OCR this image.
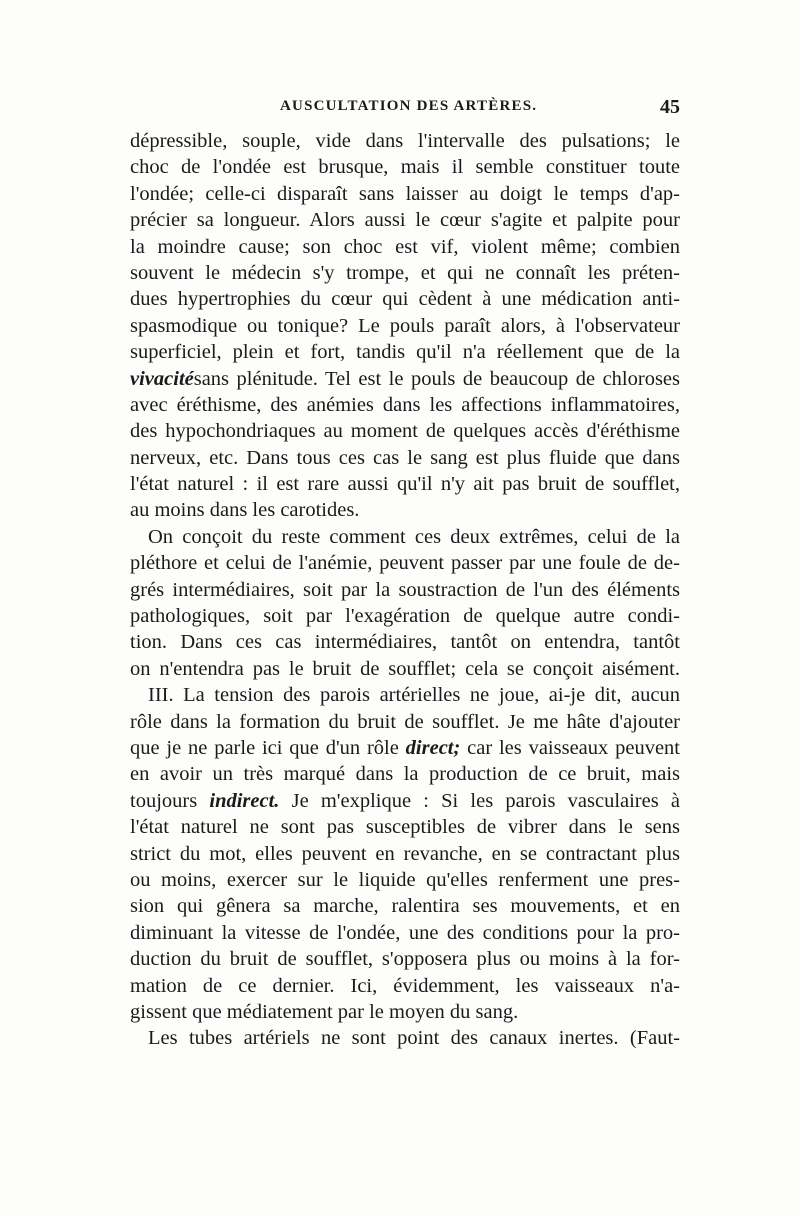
AUSCULTATION DES ARTÈRES.	45
dépressible, souple, vide dans l'intervalle des pulsations; le
choc de l'ondée est brusque, mais il semble constituer toute
l'ondée; celle-ci disparaît sans laisser au doigt le temps d'ap-
précier sa longueur. Alors aussi le cœur s'agite et palpite pour
la moindre cause; son choc est vif, violent même; combien
souvent le médecin s'y trompe, et qui ne connaît les préten-
dues hypertrophies du cœur qui cèdent à une médication anti-
spasmodique ou tonique? Le pouls paraît alors, à l'observateur
superficiel, plein et fort, tandis qu'il n'a réellement que de la
vivacitésans plénitude. Tel est le pouls de beaucoup de chloroses
avec éréthisme, des anémies dans les affections inflammatoires,
des hypochondriaques au moment de quelques accès d'éréthisme
nerveux, etc. Dans tous ces cas le sang est plus fluide que dans
l'état naturel : il est rare aussi qu'il n'y ait pas bruit de soufflet,
au moins dans les carotides.
On conçoit du reste comment ces deux extrêmes, celui de la
pléthore et celui de l'anémie, peuvent passer par une foule de de-
grés intermédiaires, soit par la soustraction de l'un des éléments
pathologiques, soit par l'exagération de quelque autre condi-
tion. Dans ces cas intermédiaires, tantôt on entendra, tantôt
on n'entendra pas le bruit de soufflet; cela se conçoit aisément.
III. La tension des parois artérielles ne joue, ai-je dit, aucun
rôle dans la formation du bruit de soufflet. Je me hâte d'ajouter
que je ne parle ici que d'un rôle direct; car les vaisseaux peuvent
en avoir un très marqué dans la production de ce bruit, mais
toujours indirect. Je m'explique : Si les parois vasculaires à
l'état naturel ne sont pas susceptibles de vibrer dans le sens
strict du mot, elles peuvent en revanche, en se contractant plus
ou moins, exercer sur le liquide qu'elles renferment une pres-
sion qui gênera sa marche, ralentira ses mouvements, et en
diminuant la vitesse de l'ondée, une des conditions pour la pro-
duction du bruit de soufflet, s'opposera plus ou moins à la for-
mation de ce dernier. Ici, évidemment, les vaisseaux n'a-
gissent que médiatement par le moyen du sang.
Les tubes artériels ne sont point des canaux inertes. (Faut-
